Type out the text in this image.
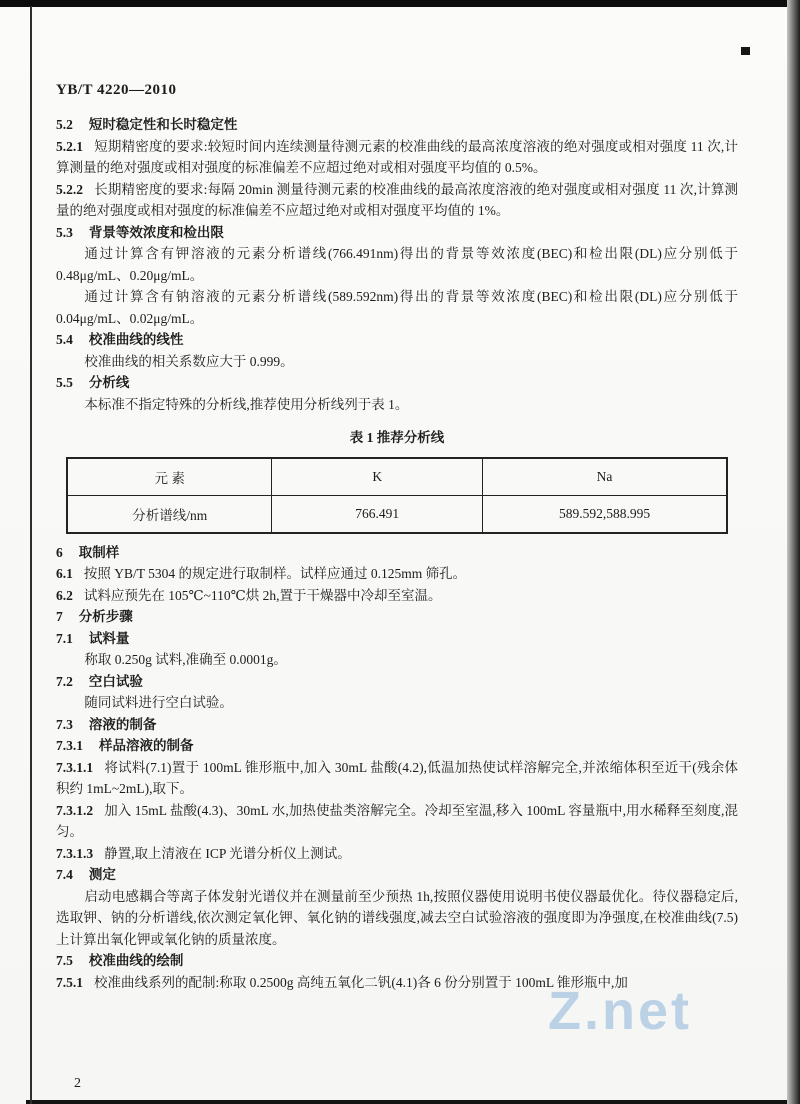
YB/T 4220—2010

5.2 短时稳定性和长时稳定性

5.2.1 短期精密度的要求:较短时间内连续测量待测元素的校准曲线的最高浓度溶液的绝对强度或相对强度 11 次,计算测量的绝对强度或相对强度的标准偏差不应超过绝对或相对强度平均值的 0.5%。

5.2.2 长期精密度的要求:每隔 20min 测量待测元素的校准曲线的最高浓度溶液的绝对强度或相对强度 11 次,计算测量的绝对强度或相对强度的标准偏差不应超过绝对或相对强度平均值的 1%。

5.3 背景等效浓度和检出限

通过计算含有钾溶液的元素分析谱线(766.491nm)得出的背景等效浓度(BEC)和检出限(DL)应分别低于 0.48μg/mL、0.20μg/mL。

通过计算含有钠溶液的元素分析谱线(589.592nm)得出的背景等效浓度(BEC)和检出限(DL)应分别低于 0.04μg/mL、0.02μg/mL。

5.4 校准曲线的线性

校准曲线的相关系数应大于 0.999。

5.5 分析线

本标准不指定特殊的分析线,推荐使用分析线列于表 1。

表 1 推荐分析线
元 素	K	Na
分析谱线/nm	766.491	589.592,588.995

6 取制样

6.1 按照 YB/T 5304 的规定进行取制样。试样应通过 0.125mm 筛孔。

6.2 试料应预先在 105℃~110℃烘 2h,置于干燥器中冷却至室温。

7 分析步骤

7.1 试料量

称取 0.250g 试料,准确至 0.0001g。

7.2 空白试验

随同试料进行空白试验。

7.3 溶液的制备

7.3.1 样品溶液的制备

7.3.1.1 将试料(7.1)置于 100mL 锥形瓶中,加入 30mL 盐酸(4.2),低温加热使试样溶解完全,并浓缩体积至近干(残余体积约 1mL~2mL),取下。

7.3.1.2 加入 15mL 盐酸(4.3)、30mL 水,加热使盐类溶解完全。冷却至室温,移入 100mL 容量瓶中,用水稀释至刻度,混匀。

7.3.1.3 静置,取上清液在 ICP 光谱分析仪上测试。

7.4 测定

启动电感耦合等离子体发射光谱仪并在测量前至少预热 1h,按照仪器使用说明书使仪器最优化。待仪器稳定后,选取钾、钠的分析谱线,依次测定氧化钾、氧化钠的谱线强度,减去空白试验溶液的强度即为净强度,在校准曲线(7.5)上计算出氧化钾或氧化钠的质量浓度。

7.5 校准曲线的绘制

7.5.1 校准曲线系列的配制:称取 0.2500g 高纯五氧化二钒(4.1)各 6 份分别置于 100mL 锥形瓶中,加

2
Z.net
